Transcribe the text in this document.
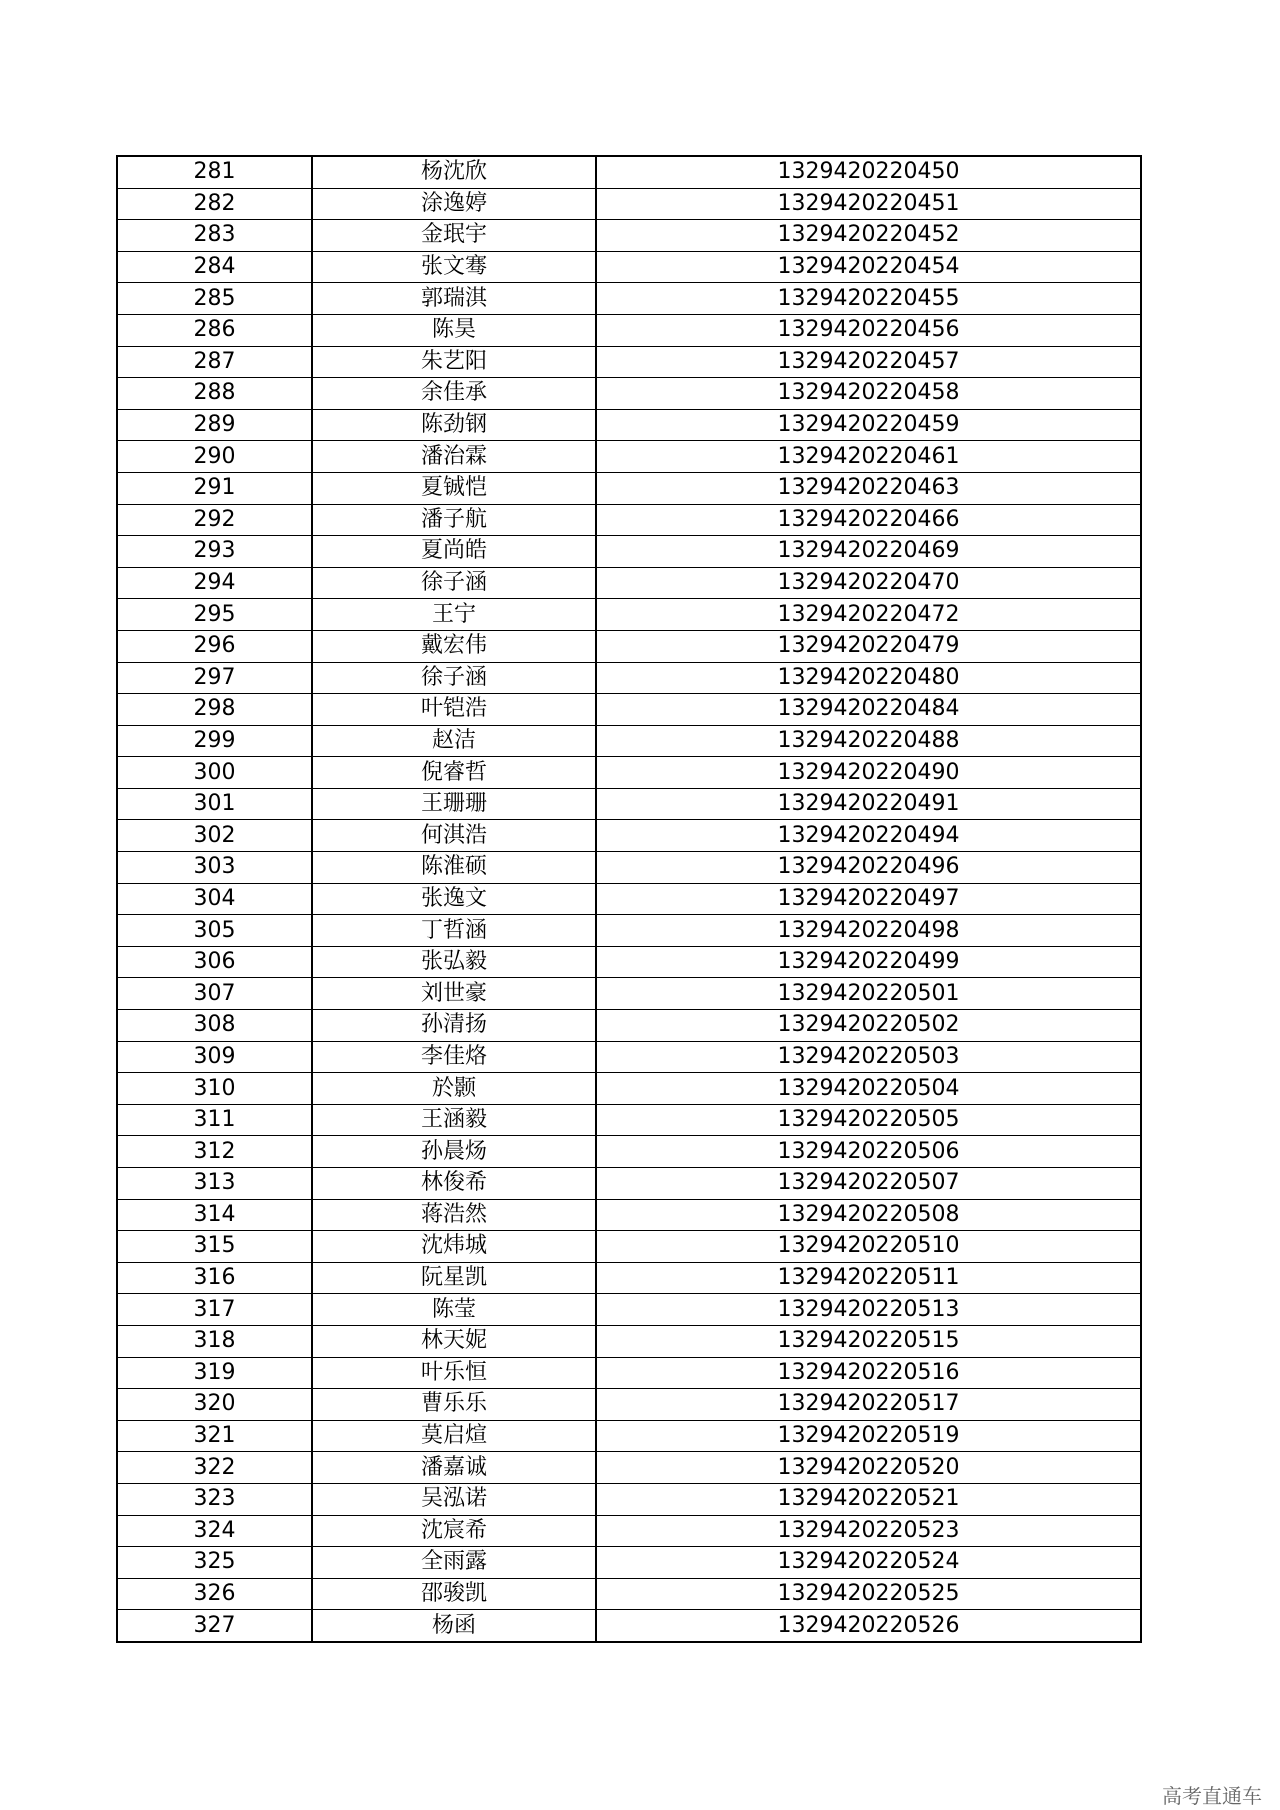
281	杨沈欣	1329420220450
282	涂逸婷	1329420220451
283	金珉宇	1329420220452
284	张文骞	1329420220454
285	郭瑞淇	1329420220455
286	陈昊	1329420220456
287	朱艺阳	1329420220457
288	余佳承	1329420220458
289	陈劲钢	1329420220459
290	潘治霖	1329420220461
291	夏铖恺	1329420220463
292	潘子航	1329420220466
293	夏尚皓	1329420220469
294	徐子涵	1329420220470
295	王宁	1329420220472
296	戴宏伟	1329420220479
297	徐子涵	1329420220480
298	叶铠浩	1329420220484
299	赵洁	1329420220488
300	倪睿哲	1329420220490
301	王珊珊	1329420220491
302	何淇浩	1329420220494
303	陈淮硕	1329420220496
304	张逸文	1329420220497
305	丁哲涵	1329420220498
306	张弘毅	1329420220499
307	刘世豪	1329420220501
308	孙清扬	1329420220502
309	李佳烙	1329420220503
310	於颢	1329420220504
311	王涵毅	1329420220505
312	孙晨炀	1329420220506
313	林俊希	1329420220507
314	蒋浩然	1329420220508
315	沈炜城	1329420220510
316	阮星凯	1329420220511
317	陈莹	1329420220513
318	林天妮	1329420220515
319	叶乐恒	1329420220516
320	曹乐乐	1329420220517
321	莫启煊	1329420220519
322	潘嘉诚	1329420220520
323	吴泓诺	1329420220521
324	沈宸希	1329420220523
325	全雨露	1329420220524
326	邵骏凯	1329420220525
327	杨函	1329420220526
高考直通车
